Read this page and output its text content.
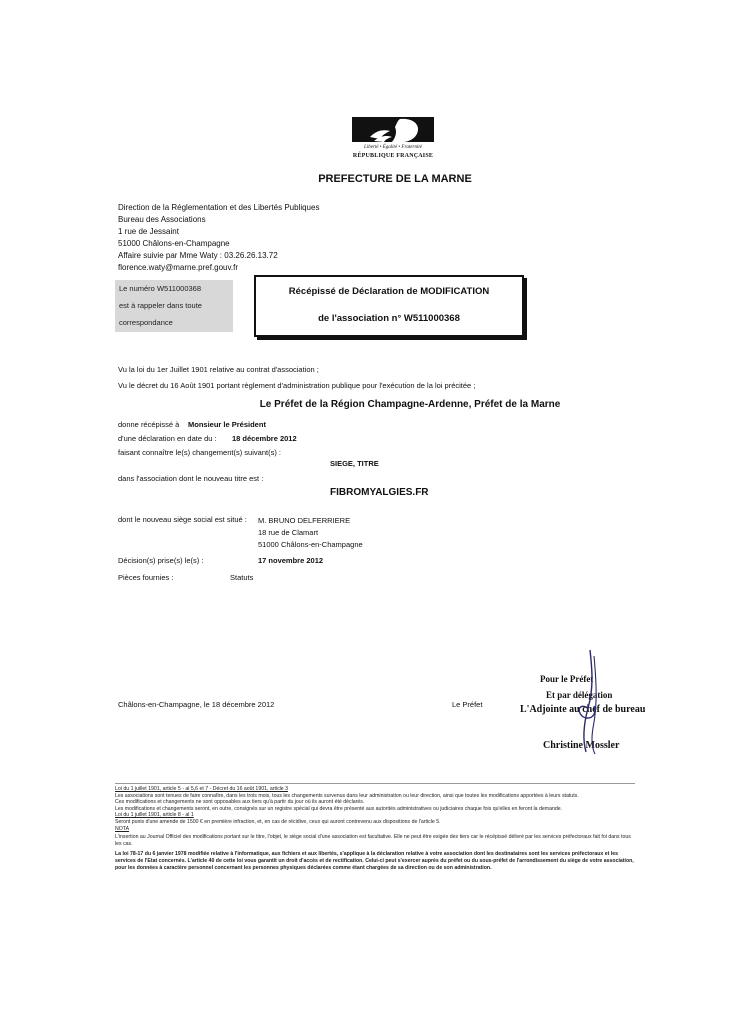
Liberté • Égalité • Fraternité
RÉPUBLIQUE FRANÇAISE
PREFECTURE DE LA MARNE
Direction de la Réglementation et des Libertés Publiques
Bureau des Associations
1 rue de Jessaint
51000 Châlons-en-Champagne
Affaire suivie par Mme Waty : 03.26.26.13.72
florence.waty@marne.pref.gouv.fr
Le numéro W511000368
est à rappeler dans toute
correspondance
Récépissé de Déclaration de MODIFICATION
de l'association n° W511000368
Vu la loi du 1er Juillet 1901 relative au contrat d'association ;
Vu le décret du 16 Août 1901 portant règlement d'administration publique pour l'exécution de la loi précitée ;
Le Préfet de la Région Champagne-Ardenne, Préfet de la Marne
donne récépissé à Monsieur le Président
d'une déclaration en date du : 18 décembre 2012
faisant connaître le(s) changement(s) suivant(s) :
SIEGE, TITRE
dans l'association dont le nouveau titre est :
FIBROMYALGIES.FR
dont le nouveau siège social est situé : M. BRUNO DELFERRIERE
18 rue de Clamart
51000 Châlons-en-Champagne
Décision(s) prise(s) le(s) :	17 novembre 2012
Pièces fournies :	Statuts
Châlons-en-Champagne, le 18 décembre 2012	Le Préfet
Pour le Préfet
Et par délégation
L'Adjointe au chef de bureau
Christine Mossler
Loi du 1 juillet 1901, article 5 - al 5,6 et 7 - Décret du 16 août 1901, article 3
Les associations sont tenues de faire connaître, dans les trois mois, tous les changements survenus dans leur administration ou leur direction, ainsi que toutes les modifications apportées à leurs statuts.
Ces modifications et changements ne sont opposables aux tiers qu'à partir du jour où ils auront été déclarés.
Les modifications et changements seront, en outre, consignés sur un registre spécial qui devra être présenté aux autorités administratives ou judiciaires chaque fois qu'elles en feront la demande.
Loi du 1 juillet 1901, article 8 - al 1
Seront punis d'une amende de 1500 € en première infraction, et, en cas de récidive, ceux qui auront contrevenu aux dispositions de l'article 5.
NOTA
L'insertion au Journal Officiel des modifications portant sur le titre, l'objet, le siège social d'une association est facultative. Elle ne peut être exigée des tiers car le récépissé délivré par les services préfectoraux fait foi dans tous les cas.
La loi 78-17 du 6 janvier 1978 modifiée relative à l'informatique, aux fichiers et aux libertés, s'applique à la déclaration relative à votre association dont les destinataires sont les services préfectoraux et les services de l'Etat concernés. L'article 40 de cette loi vous garantit un droit d'accès et de rectification. Celui-ci peut s'exercer auprès du préfet ou du sous-préfet de l'arrondissement du siège de votre association, pour les données à caractère personnel concernant les personnes physiques déclarées comme étant chargées de sa direction ou de son administration.
